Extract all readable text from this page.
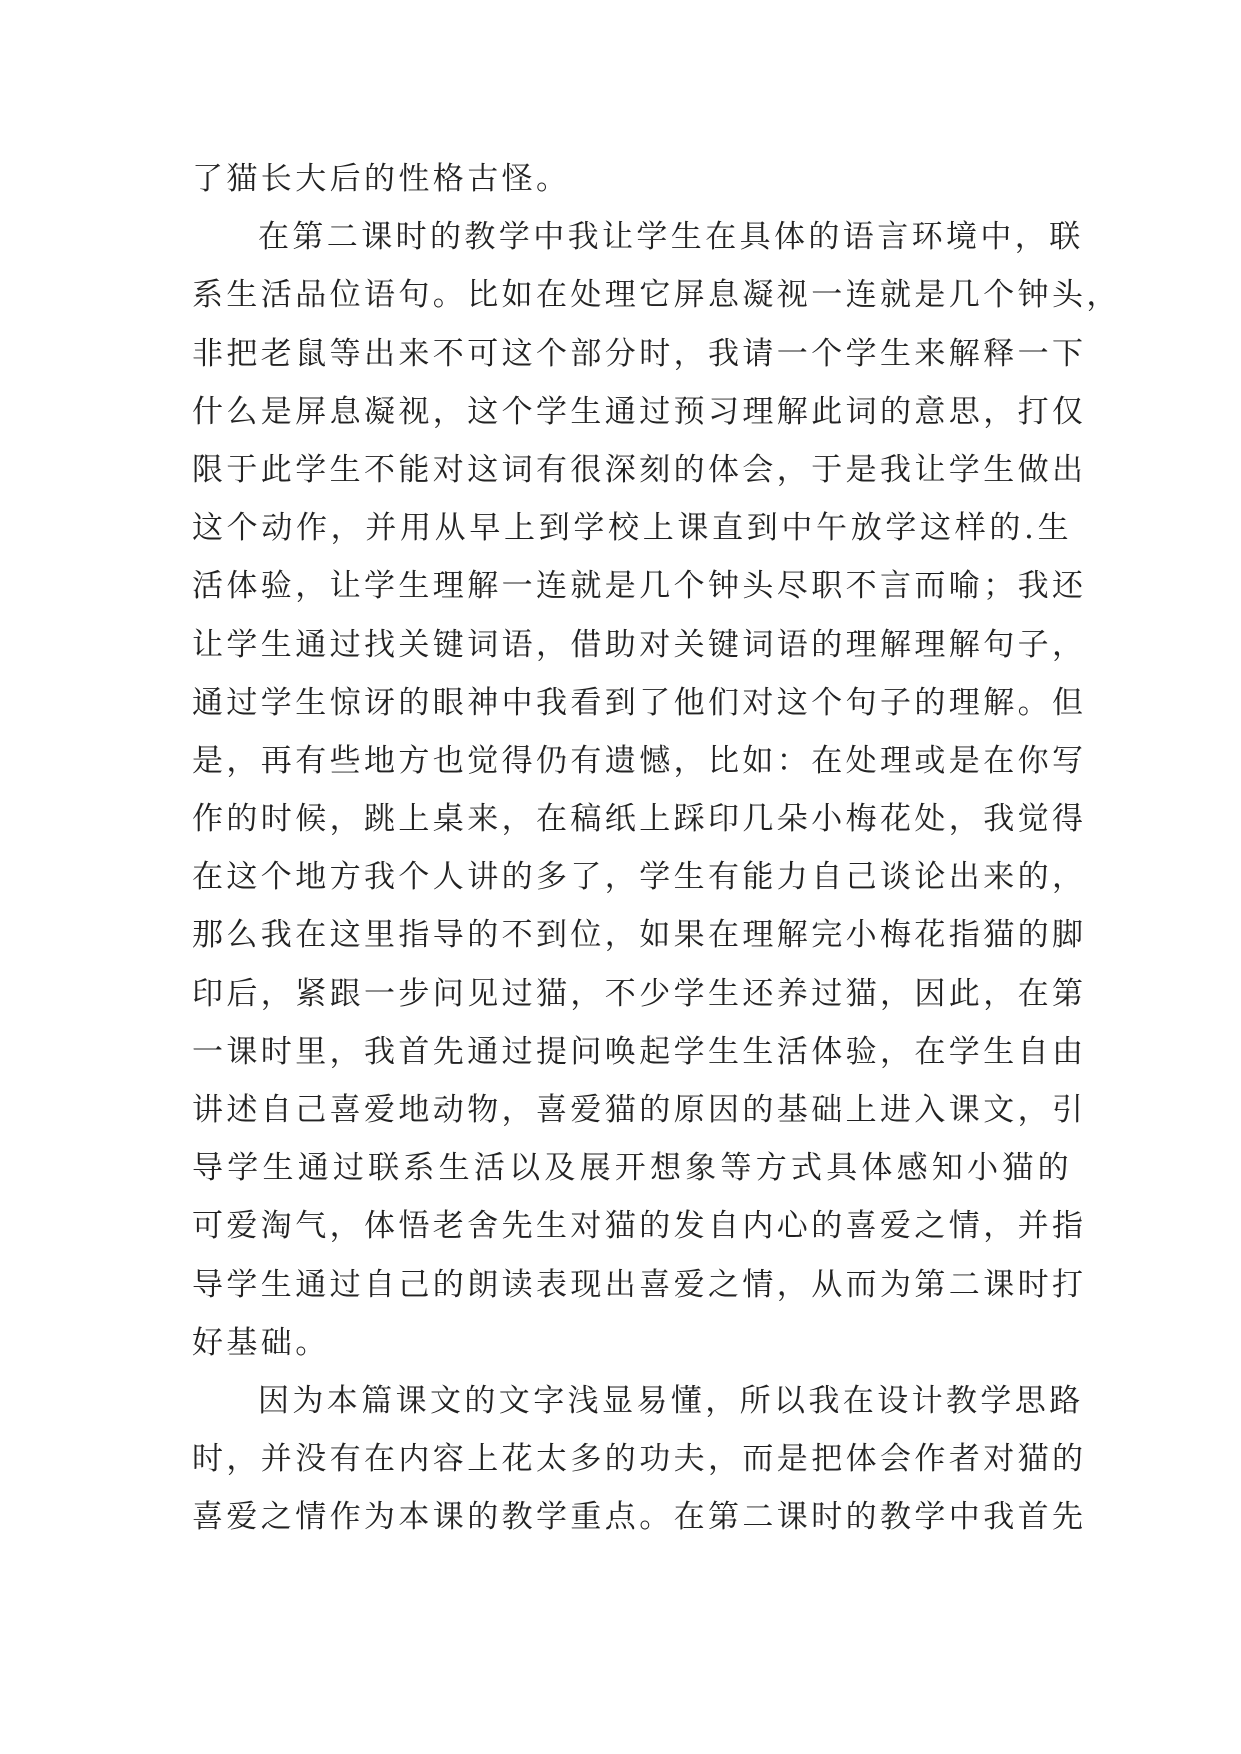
了猫长大后的性格古怪。
在第二课时的教学中我让学生在具体的语言环境中，联
系生活品位语句。比如在处理它屏息凝视一连就是几个钟头，
非把老鼠等出来不可这个部分时，我请一个学生来解释一下
什么是屏息凝视，这个学生通过预习理解此词的意思，打仅
限于此学生不能对这词有很深刻的体会，于是我让学生做出
这个动作，并用从早上到学校上课直到中午放学这样的.生
活体验，让学生理解一连就是几个钟头尽职不言而喻；我还
让学生通过找关键词语，借助对关键词语的理解理解句子，
通过学生惊讶的眼神中我看到了他们对这个句子的理解。但
是，再有些地方也觉得仍有遗憾，比如：在处理或是在你写
作的时候，跳上桌来，在稿纸上踩印几朵小梅花处，我觉得
在这个地方我个人讲的多了，学生有能力自己谈论出来的，
那么我在这里指导的不到位，如果在理解完小梅花指猫的脚
印后，紧跟一步问见过猫，不少学生还养过猫，因此，在第
一课时里，我首先通过提问唤起学生生活体验，在学生自由
讲述自己喜爱地动物，喜爱猫的原因的基础上进入课文，引
导学生通过联系生活以及展开想象等方式具体感知小猫的
可爱淘气，体悟老舍先生对猫的发自内心的喜爱之情，并指
导学生通过自己的朗读表现出喜爱之情，从而为第二课时打
好基础。
因为本篇课文的文字浅显易懂，所以我在设计教学思路
时，并没有在内容上花太多的功夫，而是把体会作者对猫的
喜爱之情作为本课的教学重点。在第二课时的教学中我首先
